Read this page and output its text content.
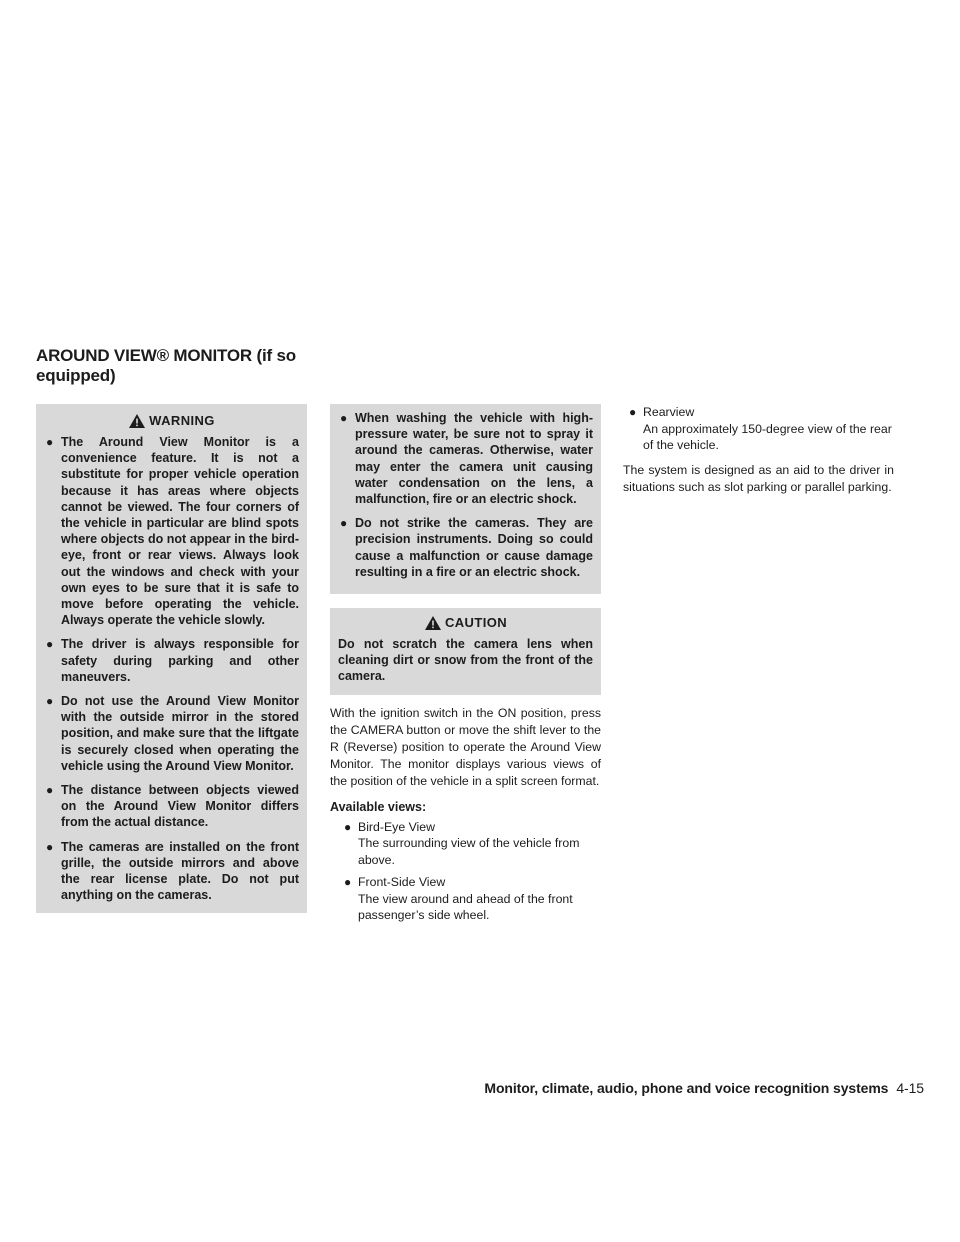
AROUND VIEW® MONITOR (if so equipped)
WARNING
● The Around View Monitor is a convenience feature. It is not a substitute for proper vehicle operation because it has areas where objects cannot be viewed. The four corners of the vehicle in particular are blind spots where objects do not appear in the bird-eye, front or rear views. Always look out the windows and check with your own eyes to be sure that it is safe to move before operating the vehicle. Always operate the vehicle slowly.
● The driver is always responsible for safety during parking and other maneuvers.
● Do not use the Around View Monitor with the outside mirror in the stored position, and make sure that the liftgate is securely closed when operating the vehicle using the Around View Monitor.
● The distance between objects viewed on the Around View Monitor differs from the actual distance.
● The cameras are installed on the front grille, the outside mirrors and above the rear license plate. Do not put anything on the cameras.
● When washing the vehicle with high-pressure water, be sure not to spray it around the cameras. Otherwise, water may enter the camera unit causing water condensation on the lens, a malfunction, fire or an electric shock.
● Do not strike the cameras. They are precision instruments. Doing so could cause a malfunction or cause damage resulting in a fire or an electric shock.
CAUTION
Do not scratch the camera lens when cleaning dirt or snow from the front of the camera.

With the ignition switch in the ON position, press the CAMERA button or move the shift lever to the R (Reverse) position to operate the Around View Monitor. The monitor displays various views of the position of the vehicle in a split screen format.

Available views:
● Bird-Eye View
The surrounding view of the vehicle from above.
● Front-Side View
The view around and ahead of the front passenger’s side wheel.
● Rearview
An approximately 150-degree view of the rear of the vehicle.

The system is designed as an aid to the driver in situations such as slot parking or parallel parking.

Monitor, climate, audio, phone and voice recognition systems 4-15
